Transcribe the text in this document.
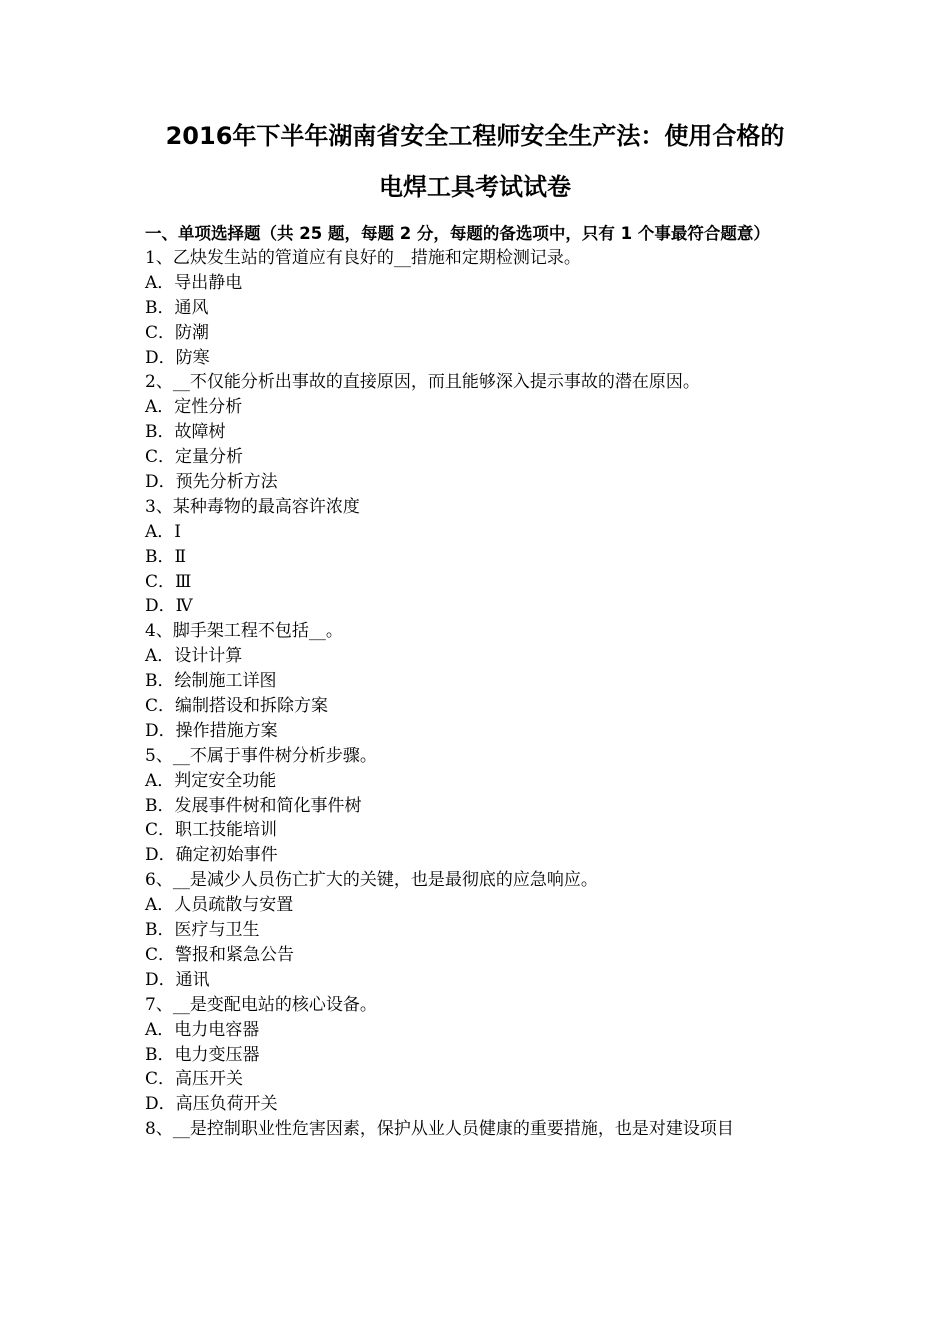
2016年下半年湖南省安全工程师安全生产法：使用合格的
电焊工具考试试卷

一、单项选择题（共 25 题，每题 2 分，每题的备选项中，只有 1 个事最符合题意）

1、乙炔发生站的管道应有良好的__措施和定期检测记录。

A．导出静电

B．通风

C．防潮

D．防寒

2、__不仅能分析出事故的直接原因，而且能够深入提示事故的潜在原因。

A．定性分析

B．故障树

C．定量分析

D．预先分析方法

3、某种毒物的最高容许浓度

A．Ⅰ

B．Ⅱ

C．Ⅲ

D．Ⅳ

4、脚手架工程不包括__。

A．设计计算

B．绘制施工详图

C．编制搭设和拆除方案

D．操作措施方案

5、__不属于事件树分析步骤。

A．判定安全功能

B．发展事件树和简化事件树

C．职工技能培训

D．确定初始事件

6、__是减少人员伤亡扩大的关键，也是最彻底的应急响应。

A．人员疏散与安置

B．医疗与卫生

C．警报和紧急公告

D．通讯

7、__是变配电站的核心设备。

A．电力电容器

B．电力变压器

C．高压开关

D．高压负荷开关

8、__是控制职业性危害因素，保护从业人员健康的重要措施，也是对建设项目
